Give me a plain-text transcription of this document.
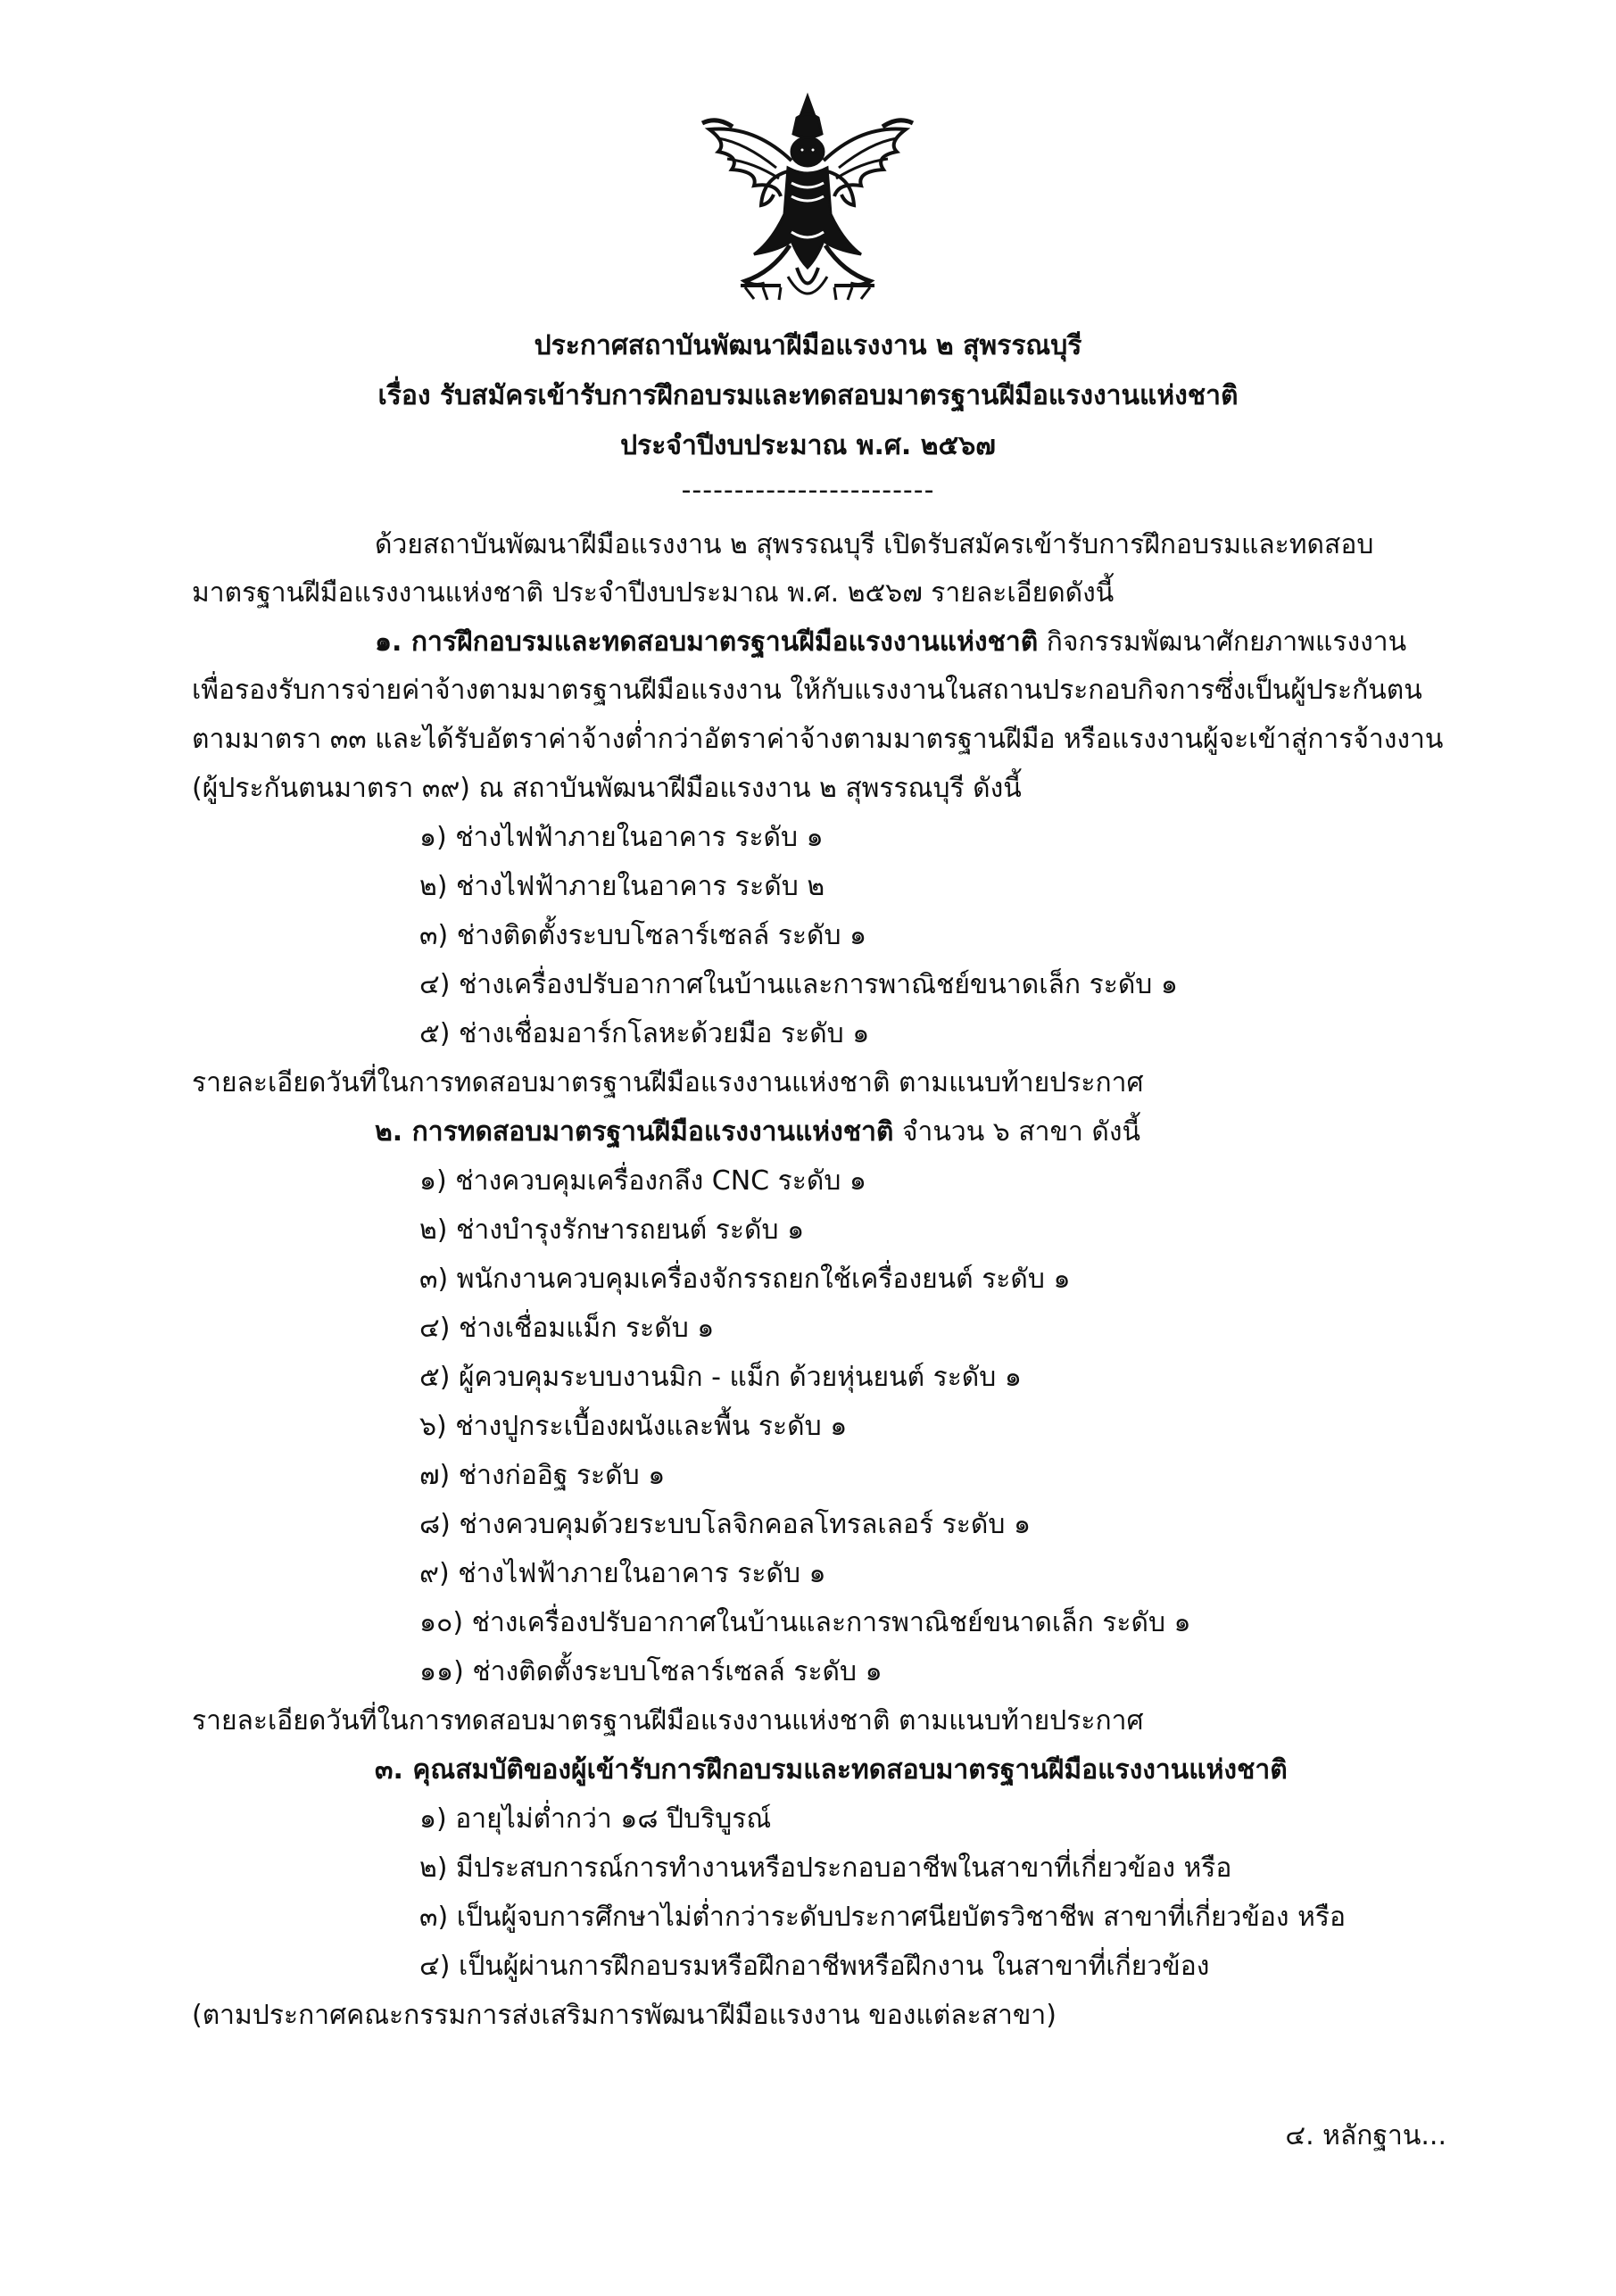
ประกาศสถาบันพัฒนาฝีมือแรงงาน ๒ สุพรรณบุรี
เรื่อง รับสมัครเข้ารับการฝึกอบรมและทดสอบมาตรฐานฝีมือแรงงานแห่งชาติ
ประจำปีงบประมาณ พ.ศ. ๒๕๖๗
------------------------
ด้วยสถาบันพัฒนาฝีมือแรงงาน ๒ สุพรรณบุรี เปิดรับสมัครเข้ารับการฝึกอบรมและทดสอบ
มาตรฐานฝีมือแรงงานแห่งชาติ ประจำปีงบประมาณ พ.ศ. ๒๕๖๗ รายละเอียดดังนี้
๑. การฝึกอบรมและทดสอบมาตรฐานฝีมือแรงงานแห่งชาติ กิจกรรมพัฒนาศักยภาพแรงงาน
เพื่อรองรับการจ่ายค่าจ้างตามมาตรฐานฝีมือแรงงาน ให้กับแรงงานในสถานประกอบกิจการซึ่งเป็นผู้ประกันตน
ตามมาตรา ๓๓ และได้รับอัตราค่าจ้างต่ำกว่าอัตราค่าจ้างตามมาตรฐานฝีมือ หรือแรงงานผู้จะเข้าสู่การจ้างงาน
(ผู้ประกันตนมาตรา ๓๙) ณ สถาบันพัฒนาฝีมือแรงงาน ๒ สุพรรณบุรี ดังนี้
๑) ช่างไฟฟ้าภายในอาคาร ระดับ ๑
๒) ช่างไฟฟ้าภายในอาคาร ระดับ ๒
๓) ช่างติดตั้งระบบโซลาร์เซลล์ ระดับ ๑
๔) ช่างเครื่องปรับอากาศในบ้านและการพาณิชย์ขนาดเล็ก ระดับ ๑
๕) ช่างเชื่อมอาร์กโลหะด้วยมือ ระดับ ๑
รายละเอียดวันที่ในการทดสอบมาตรฐานฝีมือแรงงานแห่งชาติ ตามแนบท้ายประกาศ
๒. การทดสอบมาตรฐานฝีมือแรงงานแห่งชาติ จำนวน ๖ สาขา ดังนี้
๑) ช่างควบคุมเครื่องกลึง CNC ระดับ ๑
๒) ช่างบำรุงรักษารถยนต์ ระดับ ๑
๓) พนักงานควบคุมเครื่องจักรรถยกใช้เครื่องยนต์ ระดับ ๑
๔) ช่างเชื่อมแม็ก ระดับ ๑
๕) ผู้ควบคุมระบบงานมิก - แม็ก ด้วยหุ่นยนต์ ระดับ ๑
๖) ช่างปูกระเบื้องผนังและพื้น ระดับ ๑
๗) ช่างก่ออิฐ ระดับ ๑
๘) ช่างควบคุมด้วยระบบโลจิกคอลโทรลเลอร์ ระดับ ๑
๙) ช่างไฟฟ้าภายในอาคาร ระดับ ๑
๑๐) ช่างเครื่องปรับอากาศในบ้านและการพาณิชย์ขนาดเล็ก ระดับ ๑
๑๑) ช่างติดตั้งระบบโซลาร์เซลล์ ระดับ ๑
รายละเอียดวันที่ในการทดสอบมาตรฐานฝีมือแรงงานแห่งชาติ ตามแนบท้ายประกาศ
๓. คุณสมบัติของผู้เข้ารับการฝึกอบรมและทดสอบมาตรฐานฝีมือแรงงานแห่งชาติ
๑) อายุไม่ต่ำกว่า ๑๘ ปีบริบูรณ์
๒) มีประสบการณ์การทำงานหรือประกอบอาชีพในสาขาที่เกี่ยวข้อง หรือ
๓) เป็นผู้จบการศึกษาไม่ต่ำกว่าระดับประกาศนียบัตรวิชาชีพ สาขาที่เกี่ยวข้อง หรือ
๔) เป็นผู้ผ่านการฝึกอบรมหรือฝึกอาชีพหรือฝึกงาน ในสาขาที่เกี่ยวข้อง
(ตามประกาศคณะกรรมการส่งเสริมการพัฒนาฝีมือแรงงาน ของแต่ละสาขา)
๔. หลักฐาน...
